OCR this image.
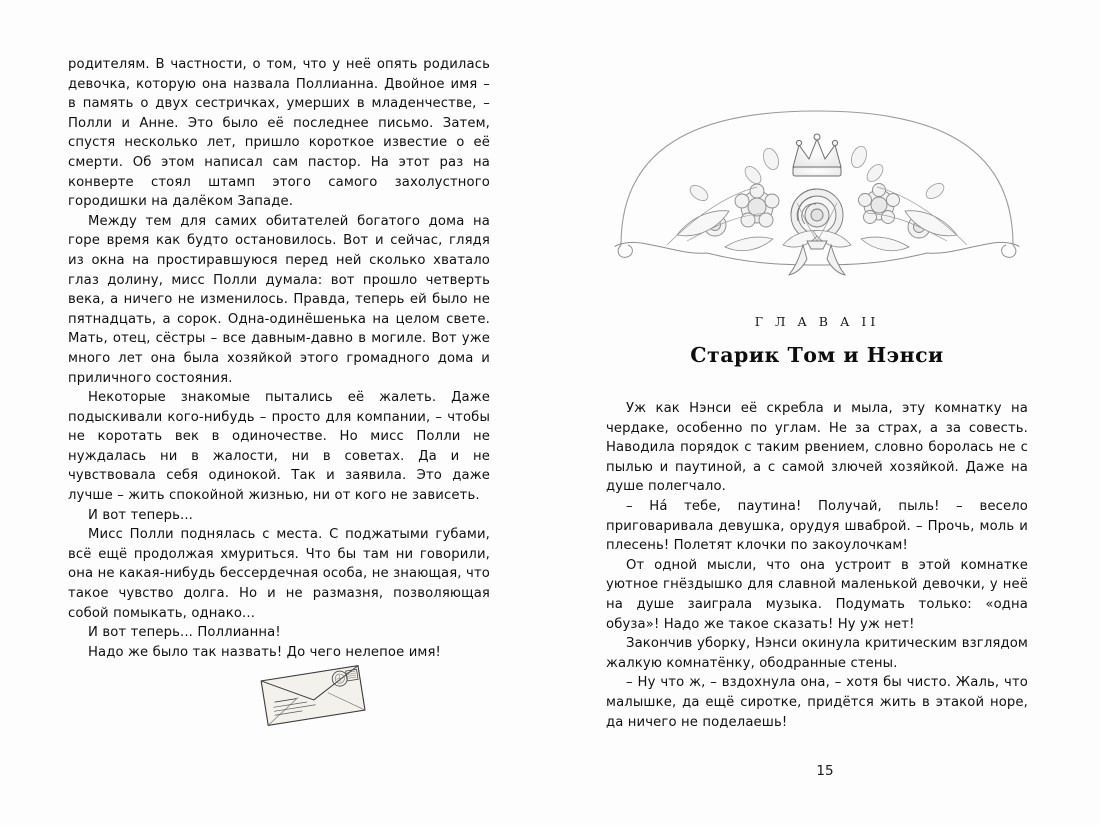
родителям. В частности, о том, что у неё опять родилась девочка, которую она назвала Поллианна. Двойное имя – в память о двух сестричках, умерших в младенчестве, – Полли и Анне. Это было её последнее письмо. Затем, спустя несколько лет, пришло короткое известие о её смерти. Об этом написал сам пастор. На этот раз на конверте стоял штамп этого самого захолустного городишки на далёком Западе.

Между тем для самих обитателей богатого дома на горе время как будто остановилось. Вот и сейчас, глядя из окна на простиравшуюся перед ней сколько хватало глаз долину, мисс Полли думала: вот прошло четверть века, а ничего не изменилось. Правда, теперь ей было не пятнадцать, а сорок. Одна-одинёшенька на целом свете. Мать, отец, сёстры – все давным-давно в могиле. Вот уже много лет она была хозяйкой этого громадного дома и приличного состояния.

Некоторые знакомые пытались её жалеть. Даже подыскивали кого-нибудь – просто для компании, – чтобы не коротать век в одиночестве. Но мисс Полли не нуждалась ни в жалости, ни в советах. Да и не чувствовала себя одинокой. Так и заявила. Это даже лучше – жить спокойной жизнью, ни от кого не зависеть.

И вот теперь...

Мисс Полли поднялась с места. С поджатыми губами, всё ещё продолжая хмуриться. Что бы там ни говорили, она не какая-нибудь бессердечная особа, не знающая, что такое чувство долга. Но и не размазня, позволяющая собой помыкать, однако...

И вот теперь... Поллианна!

Надо же было так назвать! До чего нелепое имя!

Г Л А В А II
Старик Том и Нэнси

Уж как Нэнси её скребла и мыла, эту комнатку на чердаке, особенно по углам. Не за страх, а за совесть. Наводила порядок с таким рвением, словно боролась не с пылью и паутиной, а с самой злючей хозяйкой. Даже на душе полегчало.

– Нá тебе, паутина! Получай, пыль! – весело приговаривала девушка, орудуя шваброй. – Прочь, моль и плесень! Полетят клочки по закоулочкам!

От одной мысли, что она устроит в этой комнатке уютное гнёздышко для славной маленькой девочки, у неё на душе заиграла музыка. Подумать только: «одна обуза»! Надо же такое сказать! Ну уж нет!

Закончив уборку, Нэнси окинула критическим взглядом жалкую комнатёнку, ободранные стены.

– Ну что ж, – вздохнула она, – хотя бы чисто. Жаль, что малышке, да ещё сиротке, придётся жить в этакой норе, да ничего не поделаешь!

15
